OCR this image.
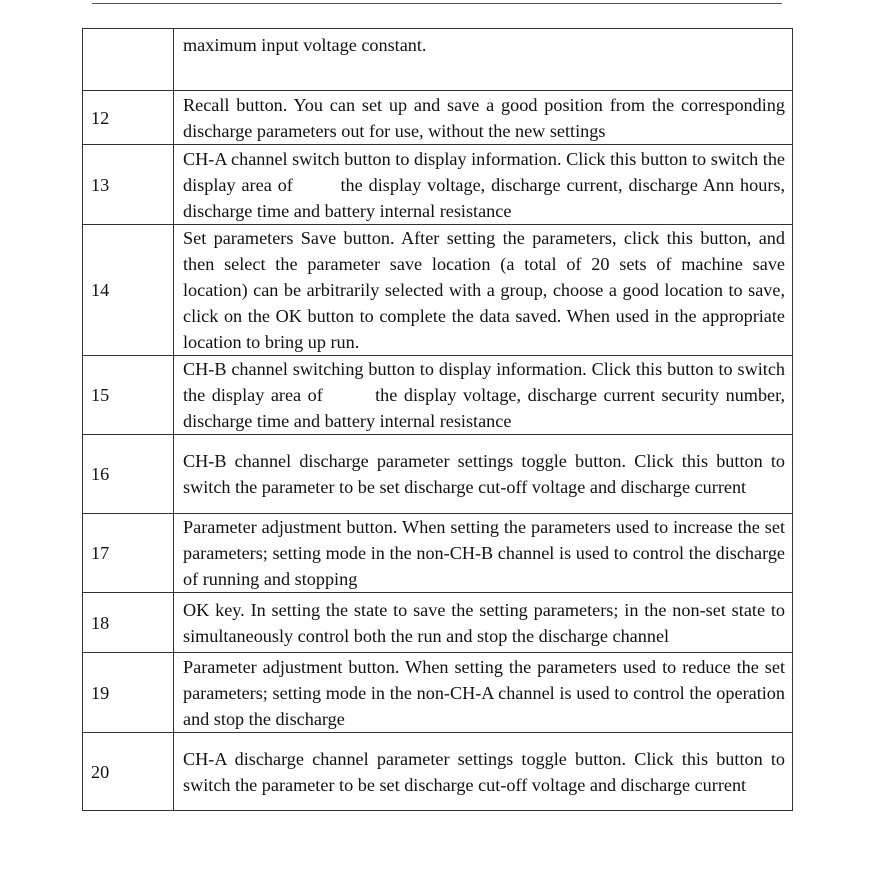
	maximum input voltage constant.
12	Recall button. You can set up and save a good position from the corresponding discharge parameters out for use, without the new settings
13	CH-A channel switch button to display information. Click this button to switch the display area of        the display voltage, discharge current, discharge Ann hours, discharge time and battery internal resistance
14	Set parameters Save button. After setting the parameters, click this button, and then select the parameter save location (a total of 20 sets of machine save location) can be arbitrarily selected with a group, choose a good location to save, click on the OK button to complete the data saved. When used in the appropriate location to bring up run.
15	CH-B channel switching button to display information. Click this button to switch the display area of        the display voltage, discharge current security number, discharge time and battery internal resistance
16	CH-B channel discharge parameter settings toggle button. Click this button to switch the parameter to be set discharge cut-off voltage and discharge current
17	Parameter adjustment button. When setting the parameters used to increase the set parameters; setting mode in the non-CH-B channel is used to control the discharge of running and stopping
18	OK key. In setting the state to save the setting parameters; in the non-set state to simultaneously control both the run and stop the discharge channel
19	Parameter adjustment button. When setting the parameters used to reduce the set parameters; setting mode in the non-CH-A channel is used to control the operation and stop the discharge
20	CH-A discharge channel parameter settings toggle button. Click this button to switch the parameter to be set discharge cut-off voltage and discharge current
